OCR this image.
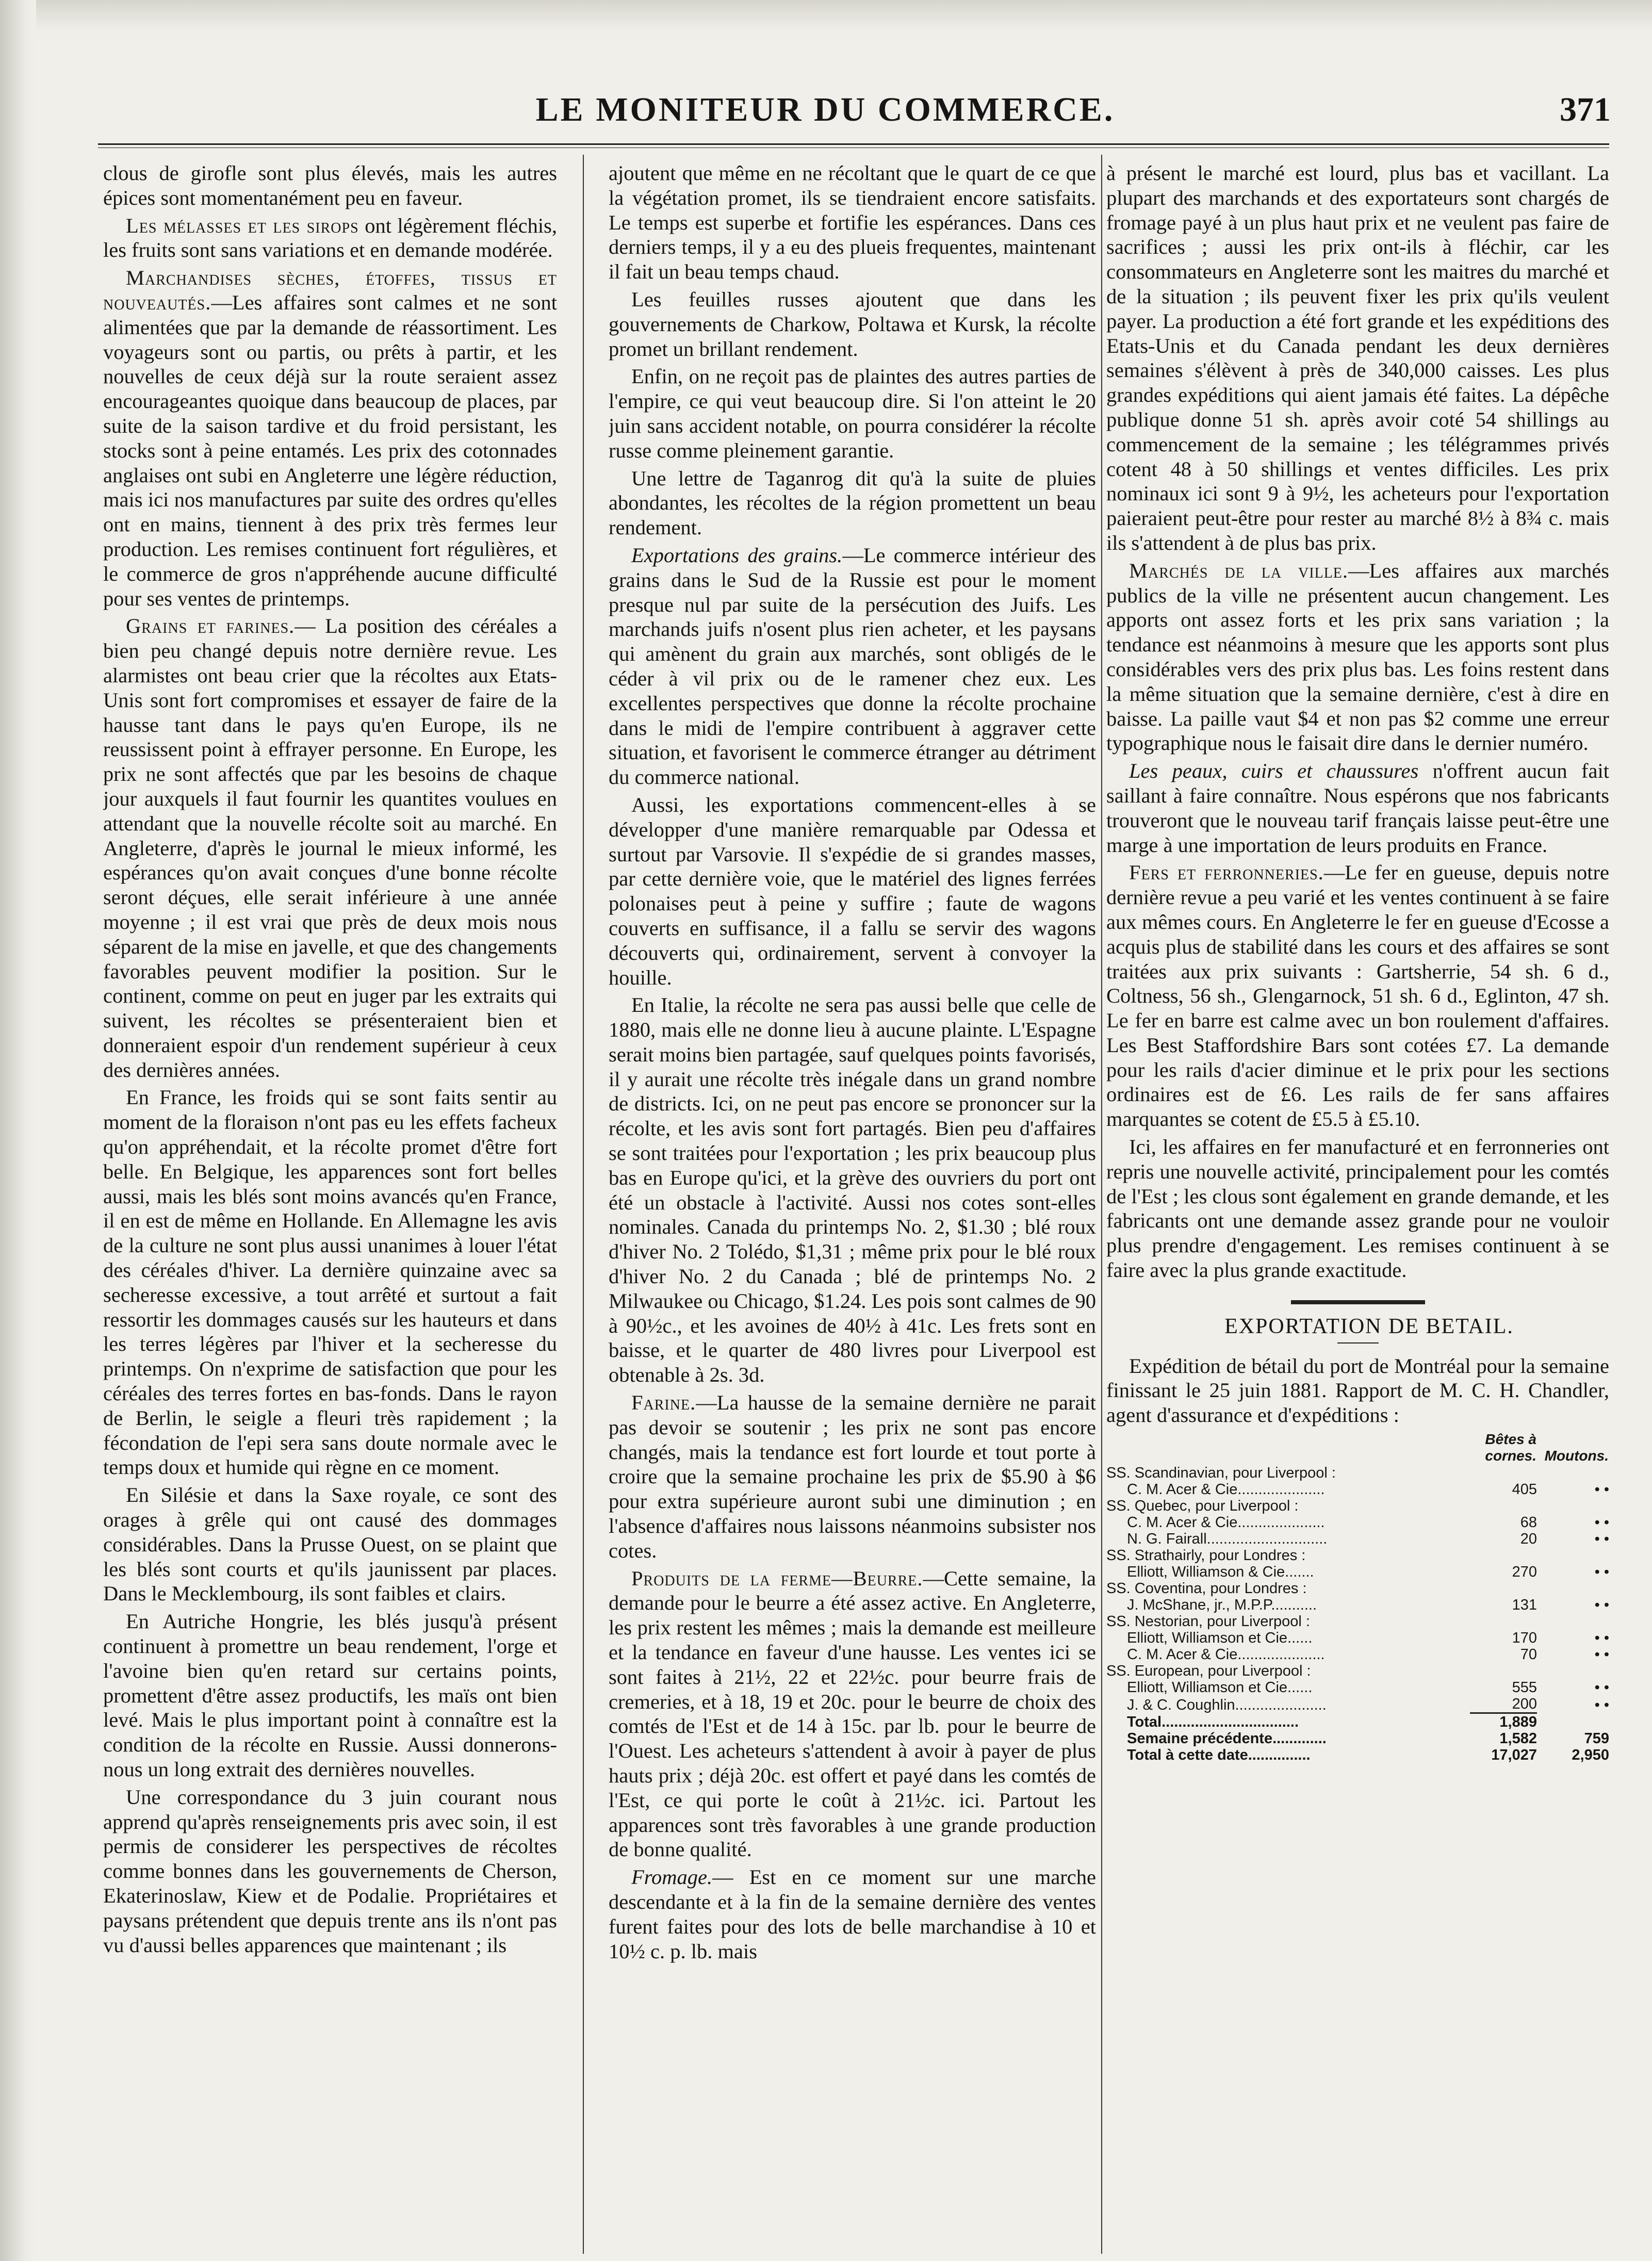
LE MONITEUR DU COMMERCE.	371

clous de girofle sont plus élevés, mais les autres épices sont momentanément peu en faveur.

Les mélasses et les sirops ont légèrement fléchis, les fruits sont sans variations et en demande modérée.

Marchandises sèches, étoffes, tissus et nouveautés.—Les affaires sont calmes et ne sont alimentées que par la demande de réassortiment. Les voyageurs sont ou partis, ou prêts à partir, et les nouvelles de ceux déjà sur la route seraient assez encourageantes quoique dans beaucoup de places, par suite de la saison tardive et du froid persistant, les stocks sont à peine entamés. Les prix des cotonnades anglaises ont subi en Angleterre une légère réduction, mais ici nos manufactures par suite des ordres qu'elles ont en mains, tiennent à des prix très fermes leur production. Les remises continuent fort régulières, et le commerce de gros n'appréhende aucune difficulté pour ses ventes de printemps.

Grains et farines.— La position des céréales a bien peu changé depuis notre dernière revue. Les alarmistes ont beau crier que la récoltes aux Etats-Unis sont fort compromises et essayer de faire de la hausse tant dans le pays qu'en Europe, ils ne reussissent point à effrayer personne. En Europe, les prix ne sont affectés que par les besoins de chaque jour auxquels il faut fournir les quantites voulues en attendant que la nouvelle récolte soit au marché. En Angleterre, d'après le journal le mieux informé, les espérances qu'on avait conçues d'une bonne récolte seront déçues, elle serait inférieure à une année moyenne ; il est vrai que près de deux mois nous séparent de la mise en javelle, et que des changements favorables peuvent modifier la position. Sur le continent, comme on peut en juger par les extraits qui suivent, les récoltes se présenteraient bien et donneraient espoir d'un rendement supérieur à ceux des dernières années.

En France, les froids qui se sont faits sentir au moment de la floraison n'ont pas eu les effets facheux qu'on appréhendait, et la récolte promet d'être fort belle. En Belgique, les apparences sont fort belles aussi, mais les blés sont moins avancés qu'en France, il en est de même en Hollande. En Allemagne les avis de la culture ne sont plus aussi unanimes à louer l'état des céréales d'hiver. La dernière quinzaine avec sa secheresse excessive, a tout arrêté et surtout a fait ressortir les dommages causés sur les hauteurs et dans les terres légères par l'hiver et la secheresse du printemps. On n'exprime de satisfaction que pour les céréales des terres fortes en bas-fonds. Dans le rayon de Berlin, le seigle a fleuri très rapidement ; la fécondation de l'epi sera sans doute normale avec le temps doux et humide qui règne en ce moment.

En Silésie et dans la Saxe royale, ce sont des orages à grêle qui ont causé des dommages considérables. Dans la Prusse Ouest, on se plaint que les blés sont courts et qu'ils jaunissent par places. Dans le Mecklembourg, ils sont faibles et clairs.

En Autriche Hongrie, les blés jusqu'à présent continuent à promettre un beau rendement, l'orge et l'avoine bien qu'en retard sur certains points, promettent d'être assez productifs, les maïs ont bien levé. Mais le plus important point à connaître est la condition de la récolte en Russie. Aussi donnerons-nous un long extrait des dernières nouvelles.

Une correspondance du 3 juin courant nous apprend qu'après renseignements pris avec soin, il est permis de considerer les perspectives de récoltes comme bonnes dans les gouvernements de Cherson, Ekaterinoslaw, Kiew et de Podalie. Propriétaires et paysans prétendent que depuis trente ans ils n'ont pas vu d'aussi belles apparences que maintenant ; ils

ajoutent que même en ne récoltant que le quart de ce que la végétation promet, ils se tiendraient encore satisfaits. Le temps est superbe et fortifie les espérances. Dans ces derniers temps, il y a eu des plueis frequentes, maintenant il fait un beau temps chaud.

Les feuilles russes ajoutent que dans les gouvernements de Charkow, Poltawa et Kursk, la récolte promet un brillant rendement.

Enfin, on ne reçoit pas de plaintes des autres parties de l'empire, ce qui veut beaucoup dire. Si l'on atteint le 20 juin sans accident notable, on pourra considérer la récolte russe comme pleinement garantie.

Une lettre de Taganrog dit qu'à la suite de pluies abondantes, les récoltes de la région promettent un beau rendement.

Exportations des grains.—Le commerce intérieur des grains dans le Sud de la Russie est pour le moment presque nul par suite de la persécution des Juifs. Les marchands juifs n'osent plus rien acheter, et les paysans qui amènent du grain aux marchés, sont obligés de le céder à vil prix ou de le ramener chez eux. Les excellentes perspectives que donne la récolte prochaine dans le midi de l'empire contribuent à aggraver cette situation, et favorisent le commerce étranger au détriment du commerce national.

Aussi, les exportations commencent-elles à se développer d'une manière remarquable par Odessa et surtout par Varsovie. Il s'expédie de si grandes masses, par cette dernière voie, que le matériel des lignes ferrées polonaises peut à peine y suffire ; faute de wagons couverts en suffisance, il a fallu se servir des wagons découverts qui, ordinairement, servent à convoyer la houille.

En Italie, la récolte ne sera pas aussi belle que celle de 1880, mais elle ne donne lieu à aucune plainte. L'Espagne serait moins bien partagée, sauf quelques points favorisés, il y aurait une récolte très inégale dans un grand nombre de districts. Ici, on ne peut pas encore se prononcer sur la récolte, et les avis sont fort partagés. Bien peu d'affaires se sont traitées pour l'exportation ; les prix beaucoup plus bas en Europe qu'ici, et la grève des ouvriers du port ont été un obstacle à l'activité. Aussi nos cotes sont-elles nominales. Canada du printemps No. 2, $1.30 ; blé roux d'hiver No. 2 Tolédo, $1,31 ; même prix pour le blé roux d'hiver No. 2 du Canada ; blé de printemps No. 2 Milwaukee ou Chicago, $1.24. Les pois sont calmes de 90 à 90½c., et les avoines de 40½ à 41c. Les frets sont en baisse, et le quarter de 480 livres pour Liverpool est obtenable à 2s. 3d.

Farine.—La hausse de la semaine dernière ne parait pas devoir se soutenir ; les prix ne sont pas encore changés, mais la tendance est fort lourde et tout porte à croire que la semaine prochaine les prix de $5.90 à $6 pour extra supérieure auront subi une diminution ; en l'absence d'affaires nous laissons néanmoins subsister nos cotes.

Produits de la ferme—Beurre.—Cette semaine, la demande pour le beurre a été assez active. En Angleterre, les prix restent les mêmes ; mais la demande est meilleure et la tendance en faveur d'une hausse. Les ventes ici se sont faites à 21½, 22 et 22½c. pour beurre frais de cremeries, et à 18, 19 et 20c. pour le beurre de choix des comtés de l'Est et de 14 à 15c. par lb. pour le beurre de l'Ouest. Les acheteurs s'attendent à avoir à payer de plus hauts prix ; déjà 20c. est offert et payé dans les comtés de l'Est, ce qui porte le coût à 21½c. ici. Partout les apparences sont très favorables à une grande production de bonne qualité.

Fromage.— Est en ce moment sur une marche descendante et à la fin de la semaine dernière des ventes furent faites pour des lots de belle marchandise à 10 et 10½ c. p. lb. mais

à présent le marché est lourd, plus bas et vacillant. La plupart des marchands et des exportateurs sont chargés de fromage payé à un plus haut prix et ne veulent pas faire de sacrifices ; aussi les prix ont-ils à fléchir, car les consommateurs en Angleterre sont les maitres du marché et de la situation ; ils peuvent fixer les prix qu'ils veulent payer. La production a été fort grande et les expéditions des Etats-Unis et du Canada pendant les deux dernières semaines s'élèvent à près de 340,000 caisses. Les plus grandes expéditions qui aient jamais été faites. La dépêche publique donne 51 sh. après avoir coté 54 shillings au commencement de la semaine ; les télégrammes privés cotent 48 à 50 shillings et ventes difficiles. Les prix nominaux ici sont 9 à 9½, les acheteurs pour l'exportation paieraient peut-être pour rester au marché 8½ à 8¾ c. mais ils s'attendent à de plus bas prix.

Marchés de la ville.—Les affaires aux marchés publics de la ville ne présentent aucun changement. Les apports ont assez forts et les prix sans variation ; la tendance est néanmoins à mesure que les apports sont plus considérables vers des prix plus bas. Les foins restent dans la même situation que la semaine dernière, c'est à dire en baisse. La paille vaut $4 et non pas $2 comme une erreur typographique nous le faisait dire dans le dernier numéro.

Les peaux, cuirs et chaussures n'offrent aucun fait saillant à faire connaître. Nous espérons que nos fabricants trouveront que le nouveau tarif français laisse peut-être une marge à une importation de leurs produits en France.

Fers et ferronneries.—Le fer en gueuse, depuis notre dernière revue a peu varié et les ventes continuent à se faire aux mêmes cours. En Angleterre le fer en gueuse d'Ecosse a acquis plus de stabilité dans les cours et des affaires se sont traitées aux prix suivants : Gartsherrie, 54 sh. 6 d., Coltness, 56 sh., Glengarnock, 51 sh. 6 d., Eglinton, 47 sh. Le fer en barre est calme avec un bon roulement d'affaires. Les Best Staffordshire Bars sont cotées £7. La demande pour les rails d'acier diminue et le prix pour les sections ordinaires est de £6. Les rails de fer sans affaires marquantes se cotent de £5.5 à £5.10.

Ici, les affaires en fer manufacturé et en ferronneries ont repris une nouvelle activité, principalement pour les comtés de l'Est ; les clous sont également en grande demande, et les fabricants ont une demande assez grande pour ne vouloir plus prendre d'engagement. Les remises continuent à se faire avec la plus grande exactitude.

EXPORTATION DE BETAIL.

Expédition de bétail du port de Montréal pour la semaine finissant le 25 juin 1881. Rapport de M. C. H. Chandler, agent d'assurance et d'expéditions :

	Bêtes à cornes.	Moutons.
SS. Scandinavian, pour Liverpool :		
C. M. Acer & Cie.....................	405	• •
SS. Quebec, pour Liverpool :		
C. M. Acer & Cie.....................	68	• •
N. G. Fairall.............................	20	• •
SS. Strathairly, pour Londres :		
Elliott, Williamson & Cie.......	270	• •
SS. Coventina, pour Londres :		
J. McShane, jr., M.P.P...........	131	• •
SS. Nestorian, pour Liverpool :		
Elliott, Williamson et Cie......	170	• •
C. M. Acer & Cie.....................	70	• •
SS. European, pour Liverpool :		
Elliott, Williamson et Cie......	555	• •
J. & C. Coughlin......................	200	• •
Total.................................	1,889	
Semaine précédente.............	1,582	759
Total à cette date...............	17,027	2,950
